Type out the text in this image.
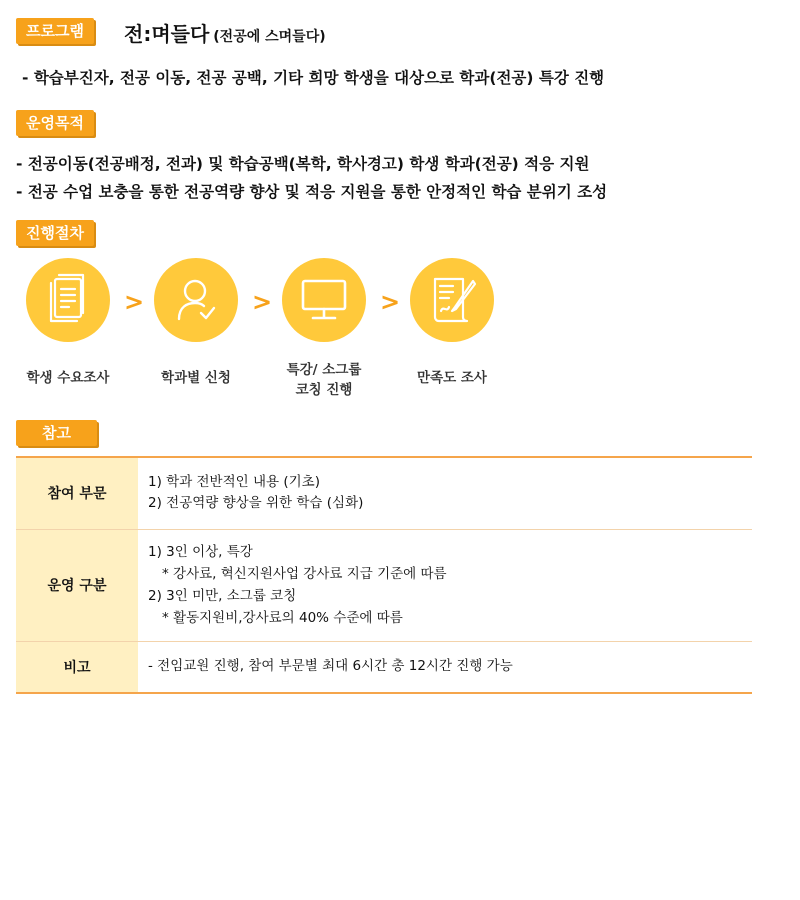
프로그램	전:며들다 (전공에 스며들다)
- 학습부진자, 전공 이동, 전공 공백, 기타 희망 학생을 대상으로 학과(전공) 특강 진행
운영목적
- 전공이동(전공배정, 전과) 및 학습공백(복학, 학사경고) 학생 학과(전공) 적응 지원
- 전공 수업 보충을 통한 전공역량 향상 및 적응 지원을 통한 안정적인 학습 분위기 조성
진행절차
>	>	>
학생 수요조사	학과별 신청	특강/ 소그룹
코칭 진행
만족도 조사
참고
참여 부문	1) 학과 전반적인 내용 (기초)
2) 전공역량 향상을 위한 학습 (심화)

운영 구분	1) 3인 이상, 특강
* 강사료, 혁신지원사업 강사료 지급 기준에 따름
2) 3인 미만, 소그룹 코칭
* 활동지원비,강사료의 40% 수준에 따름

비고	- 전임교원 진행, 참여 부문별 최대 6시간 총 12시간 진행 가능
